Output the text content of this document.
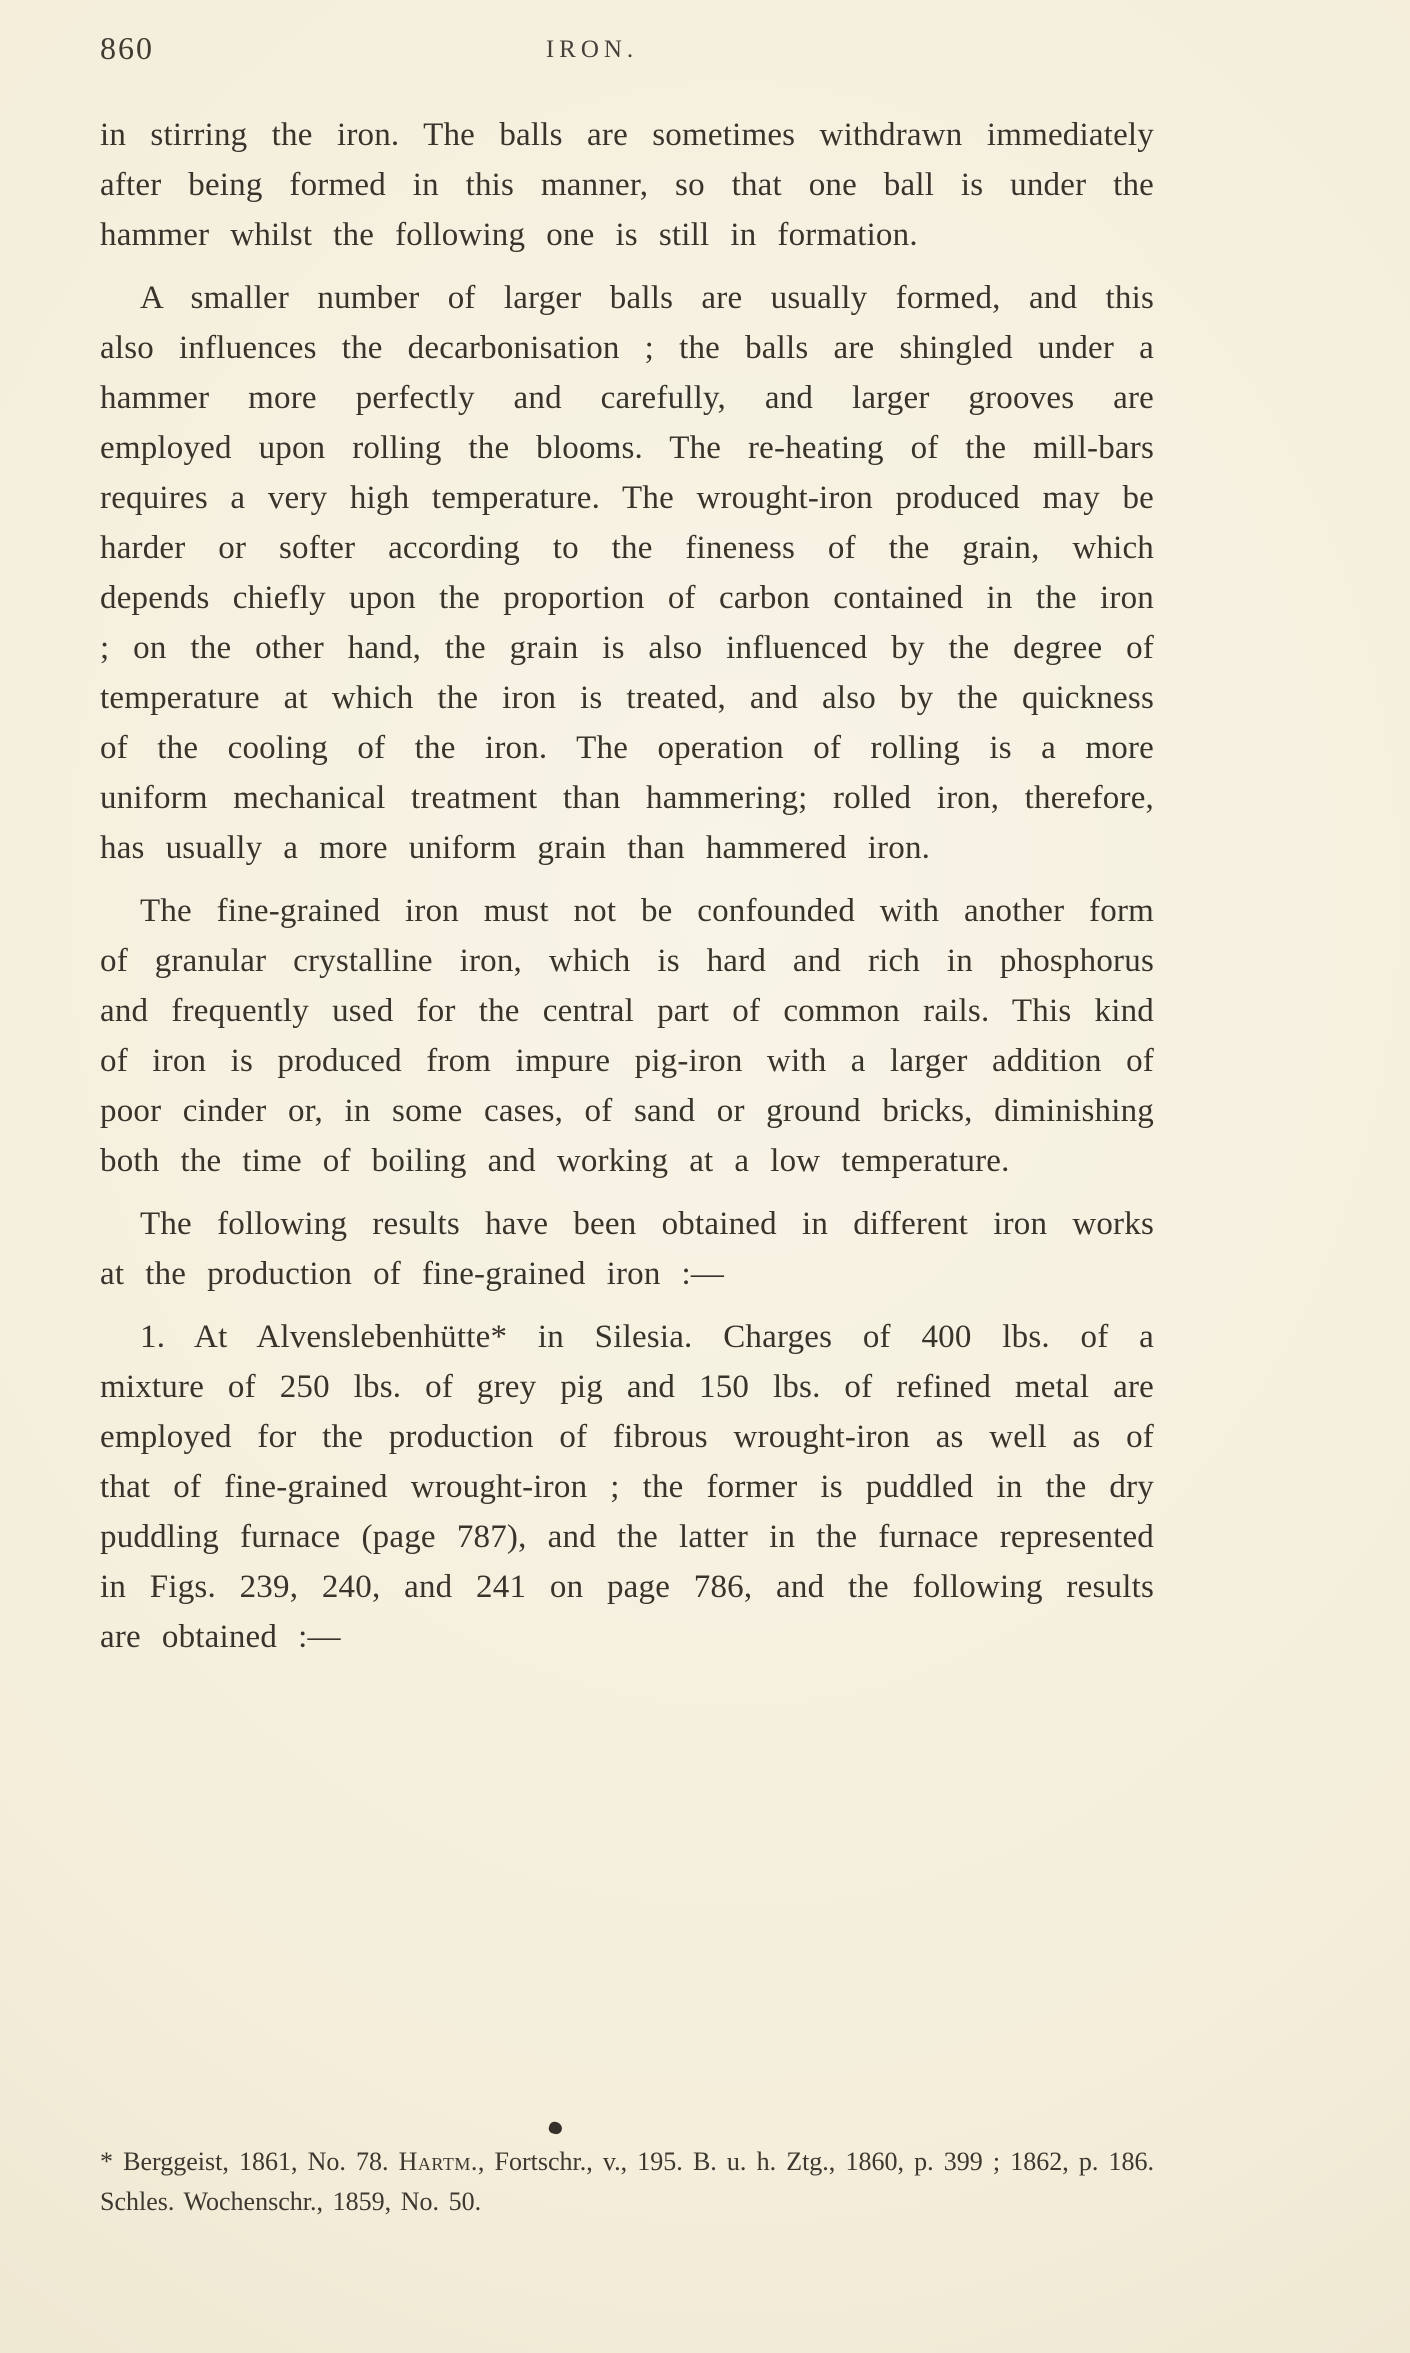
860	IRON.

in stirring the iron. The balls are sometimes withdrawn immediately after being formed in this manner, so that one ball is under the hammer whilst the following one is still in formation.

A smaller number of larger balls are usually formed, and this also influences the decarbonisation ; the balls are shingled under a hammer more perfectly and carefully, and larger grooves are employed upon rolling the blooms. The re-heating of the mill-bars requires a very high temperature. The wrought-iron produced may be harder or softer according to the fineness of the grain, which depends chiefly upon the proportion of carbon contained in the iron ; on the other hand, the grain is also influenced by the degree of temperature at which the iron is treated, and also by the quickness of the cooling of the iron. The operation of rolling is a more uniform mechanical treatment than hammering; rolled iron, therefore, has usually a more uniform grain than hammered iron.

The fine-grained iron must not be confounded with another form of granular crystalline iron, which is hard and rich in phosphorus and frequently used for the central part of common rails. This kind of iron is produced from impure pig-iron with a larger addition of poor cinder or, in some cases, of sand or ground bricks, diminishing both the time of boiling and working at a low temperature.

The following results have been obtained in different iron works at the production of fine-grained iron :—

1. At Alvenslebenhütte* in Silesia. Charges of 400 lbs. of a mixture of 250 lbs. of grey pig and 150 lbs. of refined metal are employed for the production of fibrous wrought-iron as well as of that of fine-grained wrought-iron ; the former is puddled in the dry puddling furnace (page 787), and the latter in the furnace represented in Figs. 239, 240, and 241 on page 786, and the following results are obtained :—

* Berggeist, 1861, No. 78. Hartm., Fortschr., v., 195. B. u. h. Ztg., 1860, p. 399 ; 1862, p. 186. Schles. Wochenschr., 1859, No. 50.
